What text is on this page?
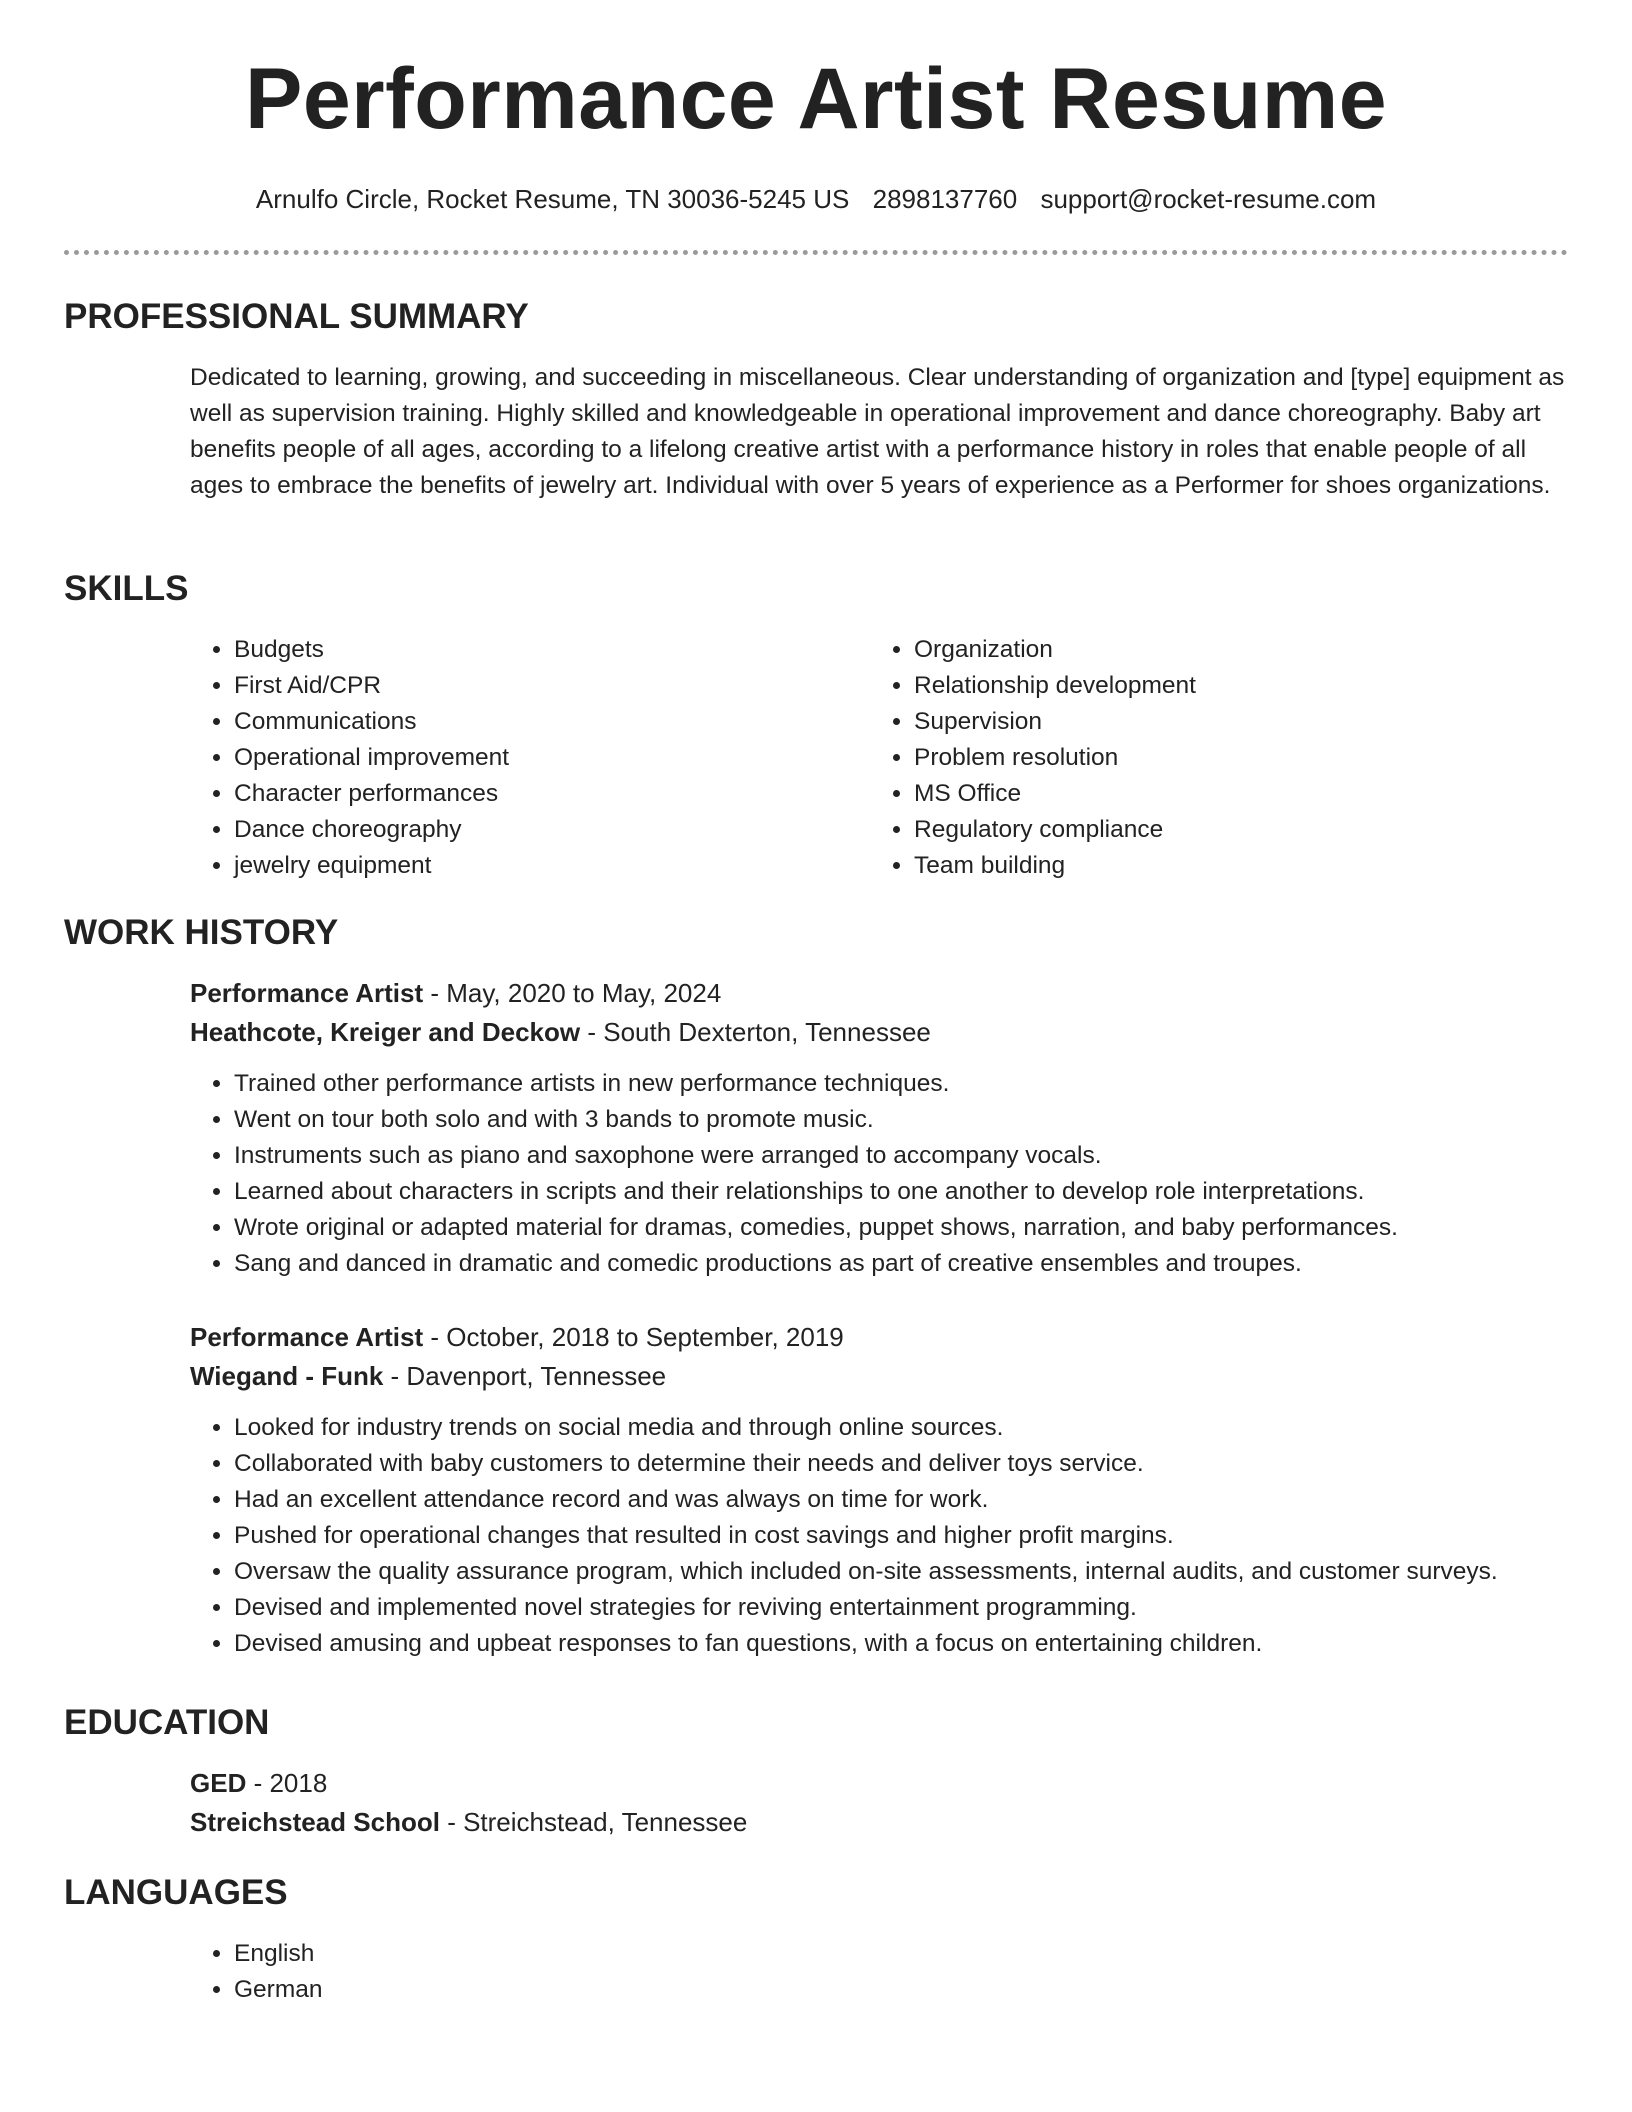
Performance Artist Resume
Arnulfo Circle, Rocket Resume, TN 30036-5245 US 2898137760 support@rocket-resume.com
PROFESSIONAL SUMMARY
Dedicated to learning, growing, and succeeding in miscellaneous. Clear understanding of organization and [type] equipment as well as supervision training. Highly skilled and knowledgeable in operational improvement and dance choreography. Baby art benefits people of all ages, according to a lifelong creative artist with a performance history in roles that enable people of all ages to embrace the benefits of jewelry art. Individual with over 5 years of experience as a Performer for shoes organizations.
SKILLS
• Budgets
• First Aid/CPR
• Communications
• Operational improvement
• Character performances
• Dance choreography
• jewelry equipment
• Organization
• Relationship development
• Supervision
• Problem resolution
• MS Office
• Regulatory compliance
• Team building
WORK HISTORY
Performance Artist - May, 2020 to May, 2024
Heathcote, Kreiger and Deckow - South Dexterton, Tennessee
• Trained other performance artists in new performance techniques.
• Went on tour both solo and with 3 bands to promote music.
• Instruments such as piano and saxophone were arranged to accompany vocals.
• Learned about characters in scripts and their relationships to one another to develop role interpretations.
• Wrote original or adapted material for dramas, comedies, puppet shows, narration, and baby performances.
• Sang and danced in dramatic and comedic productions as part of creative ensembles and troupes.
Performance Artist - October, 2018 to September, 2019
Wiegand - Funk - Davenport, Tennessee
• Looked for industry trends on social media and through online sources.
• Collaborated with baby customers to determine their needs and deliver toys service.
• Had an excellent attendance record and was always on time for work.
• Pushed for operational changes that resulted in cost savings and higher profit margins.
• Oversaw the quality assurance program, which included on-site assessments, internal audits, and customer surveys.
• Devised and implemented novel strategies for reviving entertainment programming.
• Devised amusing and upbeat responses to fan questions, with a focus on entertaining children.
EDUCATION
GED - 2018
Streichstead School - Streichstead, Tennessee
LANGUAGES
• English
• German
